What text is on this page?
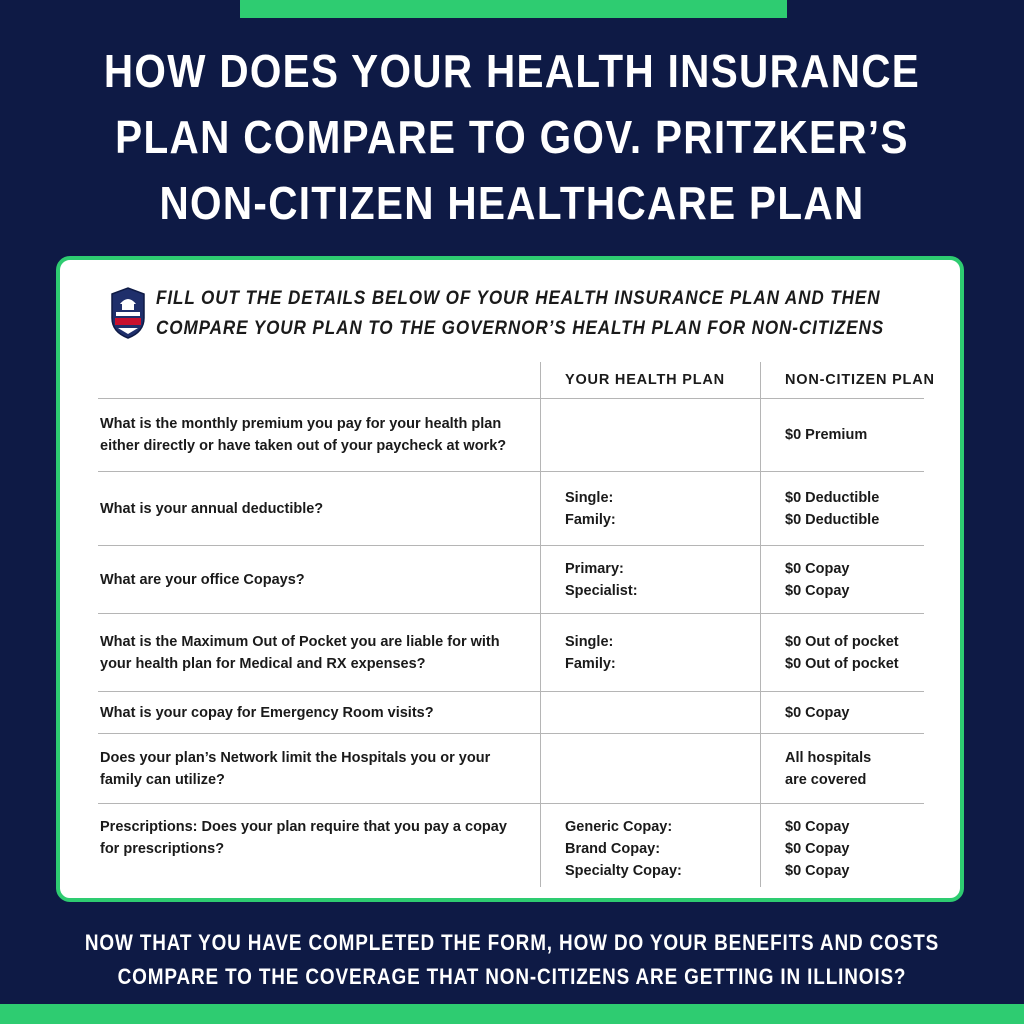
HOW DOES YOUR HEALTH INSURANCE
PLAN COMPARE TO GOV. PRITZKER’S
NON-CITIZEN HEALTHCARE PLAN
FILL OUT THE DETAILS BELOW OF YOUR HEALTH INSURANCE PLAN AND THEN
COMPARE YOUR PLAN TO THE GOVERNOR’S HEALTH PLAN FOR NON-CITIZENS
YOUR HEALTH PLAN	NON-CITIZEN PLAN
What is the monthly premium you pay for your health plan
either directly or have taken out of your paycheck at work?
$0 Premium
What is your annual deductible?
Single:
Family:
$0 Deductible
$0 Deductible
What are your office Copays?
Primary:
Specialist:
$0 Copay
$0 Copay
What is the Maximum Out of Pocket you are liable for with
your health plan for Medical and RX expenses?
Single:
Family:
$0 Out of pocket
$0 Out of pocket
What is your copay for Emergency Room visits?	$0 Copay
Does your plan’s Network limit the Hospitals you or your
family can utilize?
All hospitals
are covered
Prescriptions: Does your plan require that you pay a copay
for prescriptions?
Generic Copay:
Brand Copay:
Specialty Copay:
$0 Copay
$0 Copay
$0 Copay
NOW THAT YOU HAVE COMPLETED THE FORM, HOW DO YOUR BENEFITS AND COSTS
COMPARE TO THE COVERAGE THAT NON-CITIZENS ARE GETTING IN ILLINOIS?
